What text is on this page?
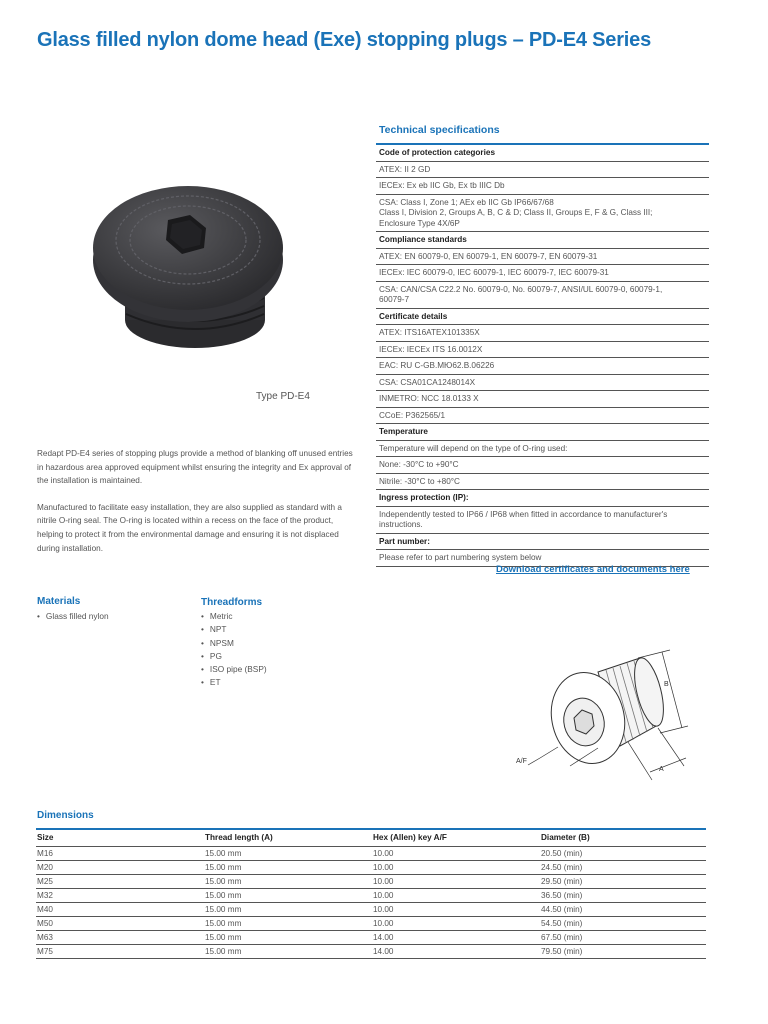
Glass filled nylon dome head (Exe) stopping plugs – PD-E4 Series
Type PD-E4

Redapt PD-E4 series of stopping plugs provide a method of blanking off unused entries in hazardous area approved equipment whilst ensuring the integrity and Ex approval of the installation is maintained.

Manufactured to facilitate easy installation, they are also supplied as standard with a nitrile O-ring seal. The O-ring is located within a recess on the face of the product, helping to protect it from the environmental damage and ensuring it is not displaced during installation.

Technical specifications
Code of protection categories
ATEX: II 2 GD
IECEx: Ex eb IIC Gb, Ex tb IIIC Db
CSA: Class I, Zone 1; AEx eb IIC Gb IP66/67/68
Class I, Division 2, Groups A, B, C & D; Class II, Groups E, F & G, Class III;
Enclosure Type 4X/6P
Compliance standards
ATEX: EN 60079-0, EN 60079-1, EN 60079-7, EN 60079-31
IECEx: IEC 60079-0, IEC 60079-1, IEC 60079-7, IEC 60079-31
CSA: CAN/CSA C22.2 No. 60079-0, No. 60079-7, ANSI/UL 60079-0, 60079-1,
60079-7
Certificate details
ATEX: ITS16ATEX101335X
IECEx: IECEx ITS 16.0012X
EAC: RU C-GB.МЮ62.В.06226
CSA: CSA01CA1248014X
INMETRO: NCC 18.0133 X
CCoE: P362565/1
Temperature
Temperature will depend on the type of O-ring used:
None: -30°C to +90°C
Nitrile: -30°C to +80°C
Ingress protection (IP):
Independently tested to IP66 / IP68 when fitted in accordance to manufacturer's
instructions.
Part number:
Please refer to part numbering system below
Download certificates and documents here
Materials
• Glass filled nylon
Threadforms
• Metric
• NPT
• NPSM
• PG
• ISO pipe (BSP)
• ET	B
A/F
A
Dimensions
Size	Thread length (A)	Hex (Allen) key A/F	Diameter (B)
M16	15.00 mm	10.00	20.50 (min)
M20	15.00 mm	10.00	24.50 (min)
M25	15.00 mm	10.00	29.50 (min)
M32	15.00 mm	10.00	36.50 (min)
M40	15.00 mm	10.00	44.50 (min)
M50	15.00 mm	10.00	54.50 (min)
M63	15.00 mm	14.00	67.50 (min)
M75	15.00 mm	14.00	79.50 (min)
